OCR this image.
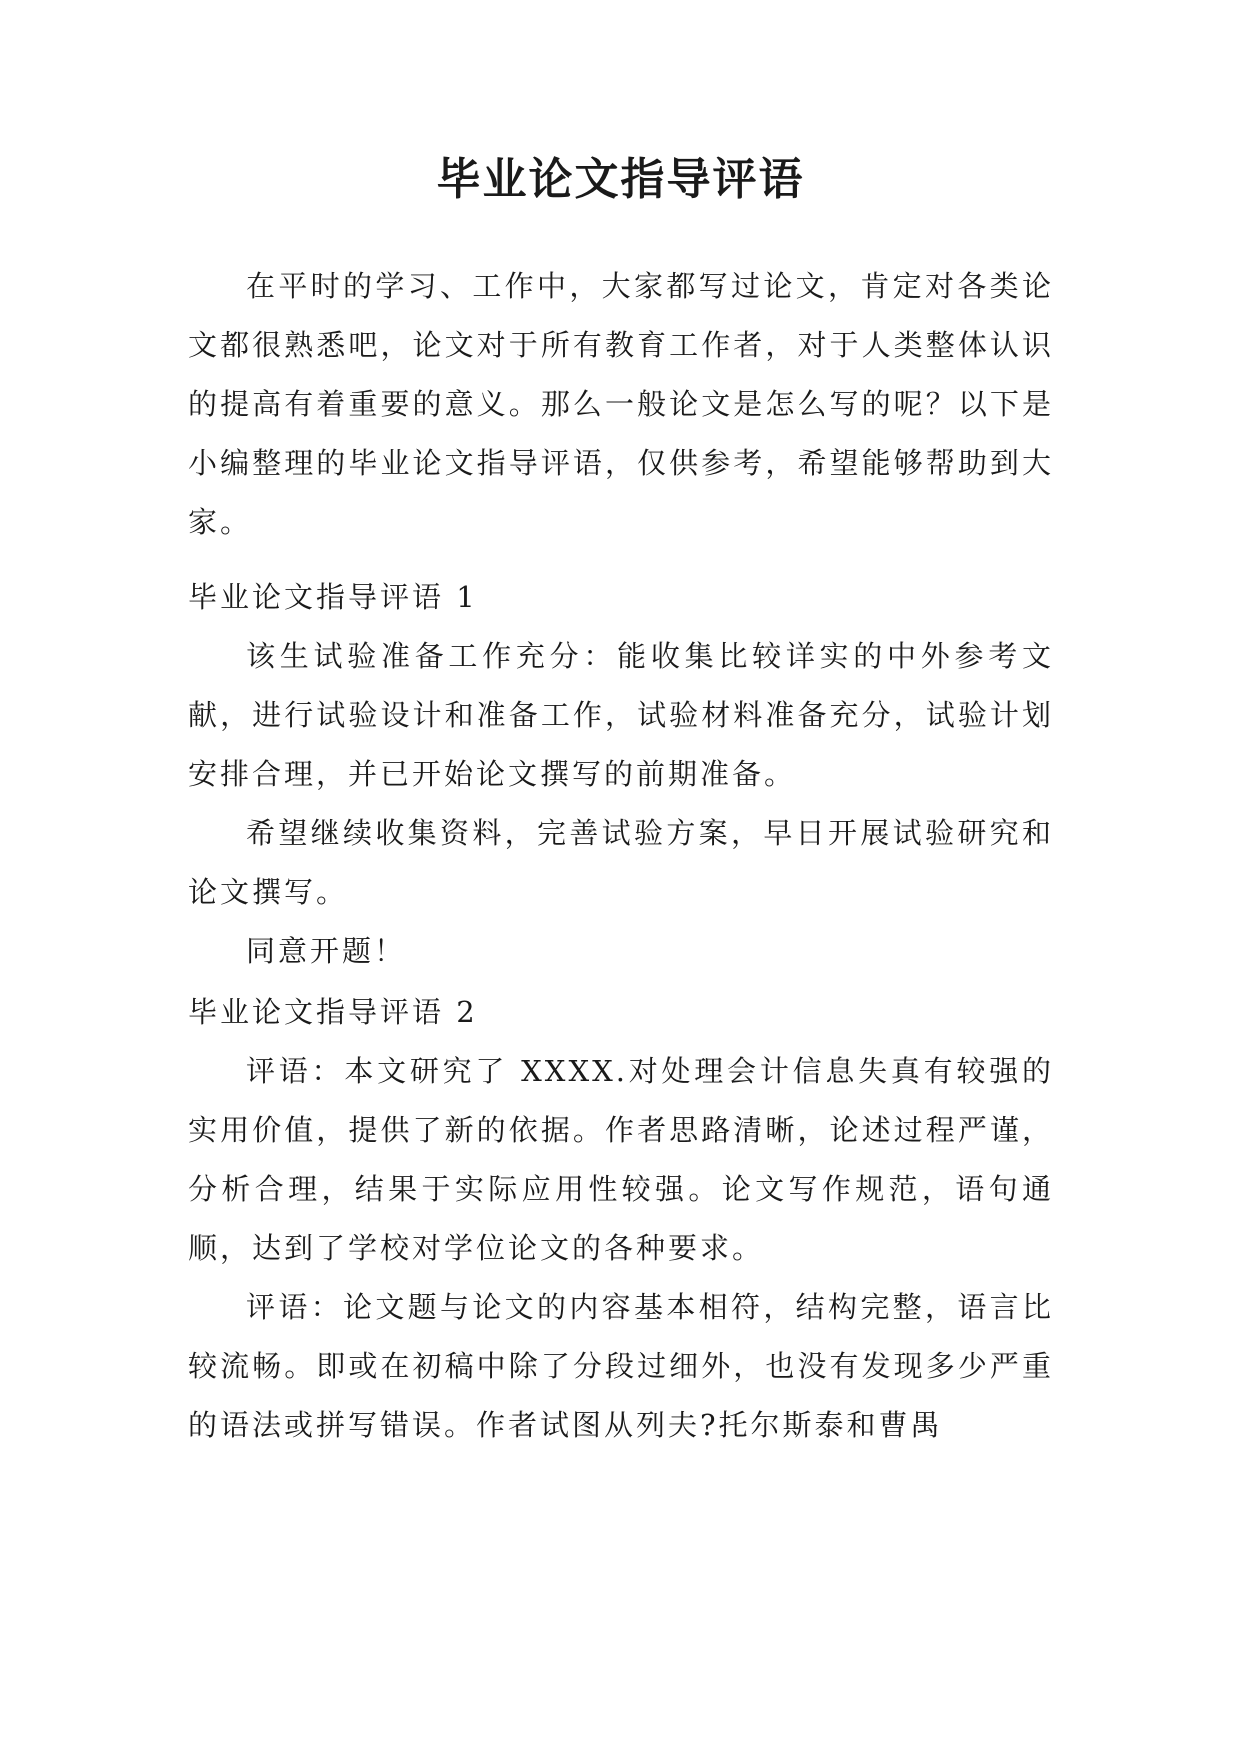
毕业论文指导评语

在平时的学习、工作中，大家都写过论文，肯定对各类论文都很熟悉吧，论文对于所有教育工作者，对于人类整体认识的提高有着重要的意义。那么一般论文是怎么写的呢？以下是小编整理的毕业论文指导评语，仅供参考，希望能够帮助到大家。

毕业论文指导评语 1

该生试验准备工作充分：能收集比较详实的中外参考文献，进行试验设计和准备工作，试验材料准备充分，试验计划安排合理，并已开始论文撰写的前期准备。

希望继续收集资料，完善试验方案，早日开展试验研究和论文撰写。

同意开题！

毕业论文指导评语 2

评语：本文研究了 XXXX.对处理会计信息失真有较强的实用价值，提供了新的依据。作者思路清晰，论述过程严谨，分析合理，结果于实际应用性较强。论文写作规范，语句通顺，达到了学校对学位论文的各种要求。

评语：论文题与论文的内容基本相符，结构完整，语言比较流畅。即或在初稿中除了分段过细外，也没有发现多少严重的语法或拼写错误。作者试图从列夫?托尔斯泰和曹禺
